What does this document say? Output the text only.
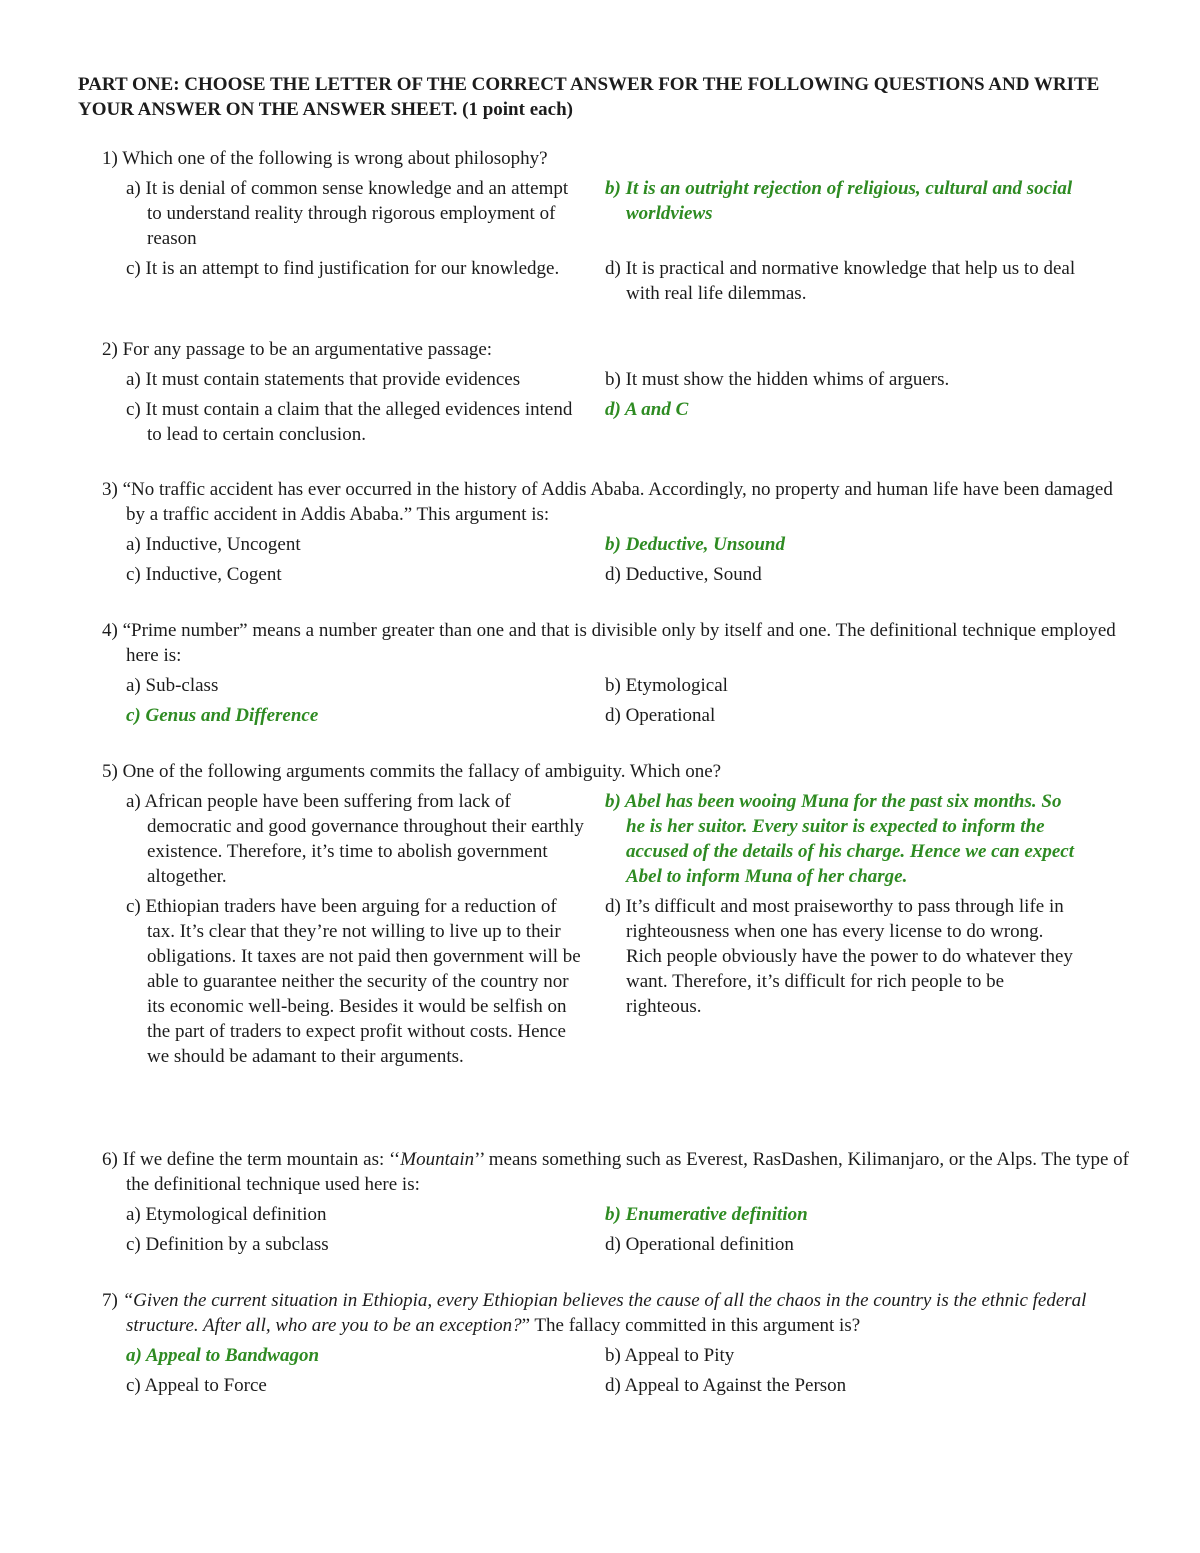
PART ONE: CHOOSE THE LETTER OF THE CORRECT ANSWER FOR THE FOLLOWING QUESTIONS AND WRITE YOUR ANSWER ON THE ANSWER SHEET. (1 point each)
1) Which one of the following is wrong about philosophy?
a) It is denial of common sense knowledge and an attempt to understand reality through rigorous employment of reason
b) It is an outright rejection of religious, cultural and social worldviews
c) It is an attempt to find justification for our knowledge.	d) It is practical and normative knowledge that help us to deal with real life dilemmas.
2) For any passage to be an argumentative passage:
a) It must contain statements that provide evidences	b) It must show the hidden whims of arguers.
c) It must contain a claim that the alleged evidences intend to lead to certain conclusion.
d) A and C
3) “No traffic accident has ever occurred in the history of Addis Ababa. Accordingly, no property and human life have been damaged by a traffic accident in Addis Ababa.” This argument is:
a) Inductive, Uncogent	b) Deductive, Unsound
c) Inductive, Cogent	d) Deductive, Sound
4) “Prime number” means a number greater than one and that is divisible only by itself and one. The definitional technique employed here is:
a) Sub-class	b) Etymological
c) Genus and Difference	d) Operational
5) One of the following arguments commits the fallacy of ambiguity. Which one?
a) African people have been suffering from lack of democratic and good governance throughout their earthly existence. Therefore, it’s time to abolish government altogether.
b) Abel has been wooing Muna for the past six months. So he is her suitor. Every suitor is expected to inform the accused of the details of his charge. Hence we can expect Abel to inform Muna of her charge.
c) Ethiopian traders have been arguing for a reduction of tax. It’s clear that they’re not willing to live up to their obligations. It taxes are not paid then government will be able to guarantee neither the security of the country nor its economic well-being. Besides it would be selfish on the part of traders to expect profit without costs. Hence we should be adamant to their arguments.
d) It’s difficult and most praiseworthy to pass through life in righteousness when one has every license to do wrong. Rich people obviously have the power to do whatever they want. Therefore, it’s difficult for rich people to be righteous.
6) If we define the term mountain as: ‘‘Mountain’’ means something such as Everest, RasDashen, Kilimanjaro, or the Alps. The type of the definitional technique used here is:
a) Etymological definition	b) Enumerative definition
c) Definition by a subclass	d) Operational definition
7) “Given the current situation in Ethiopia, every Ethiopian believes the cause of all the chaos in the country is the ethnic federal structure. After all, who are you to be an exception?” The fallacy committed in this argument is?
a) Appeal to Bandwagon	b) Appeal to Pity
c) Appeal to Force	d) Appeal to Against the Person
